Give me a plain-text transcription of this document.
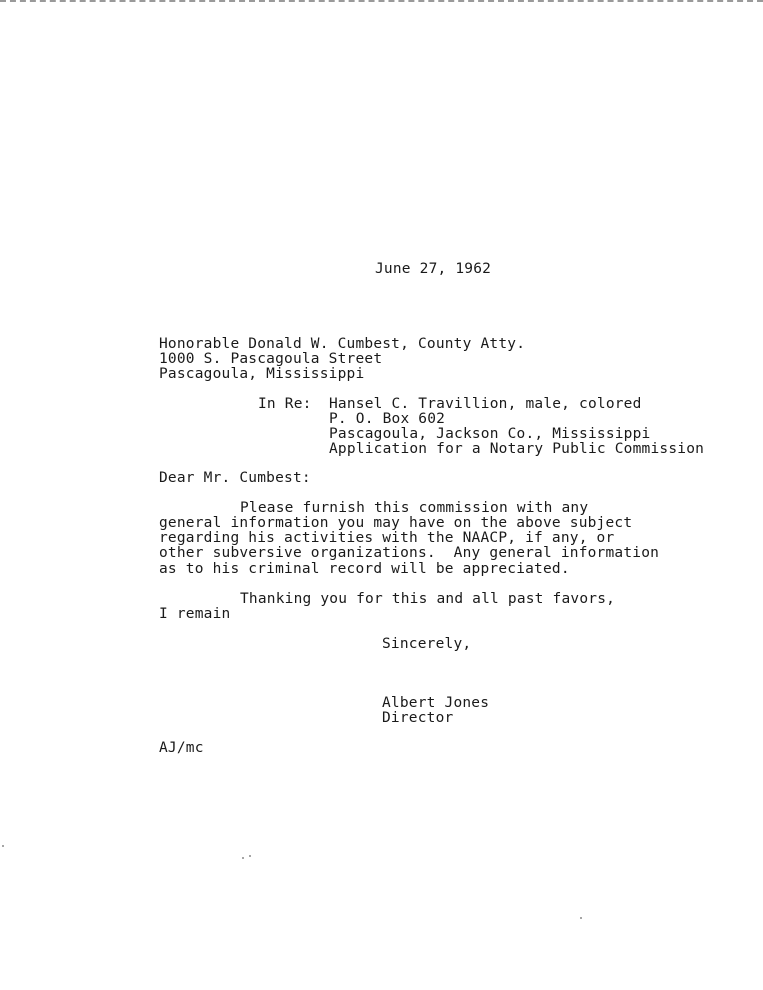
June 27, 1962
Honorable Donald W. Cumbest, County Atty.
1000 S. Pascagoula Street
Pascagoula, Mississippi
In Re: Hansel C. Travillion, male, colored
P. O. Box 602
Pascagoula, Jackson Co., Mississippi
Application for a Notary Public Commission
Dear Mr. Cumbest:
Please furnish this commission with any
general information you may have on the above subject
regarding his activities with the NAACP, if any, or
other subversive organizations.  Any general information
as to his criminal record will be appreciated.
Thanking you for this and all past favors,
I remain
Sincerely,
Albert Jones
Director
AJ/mc
